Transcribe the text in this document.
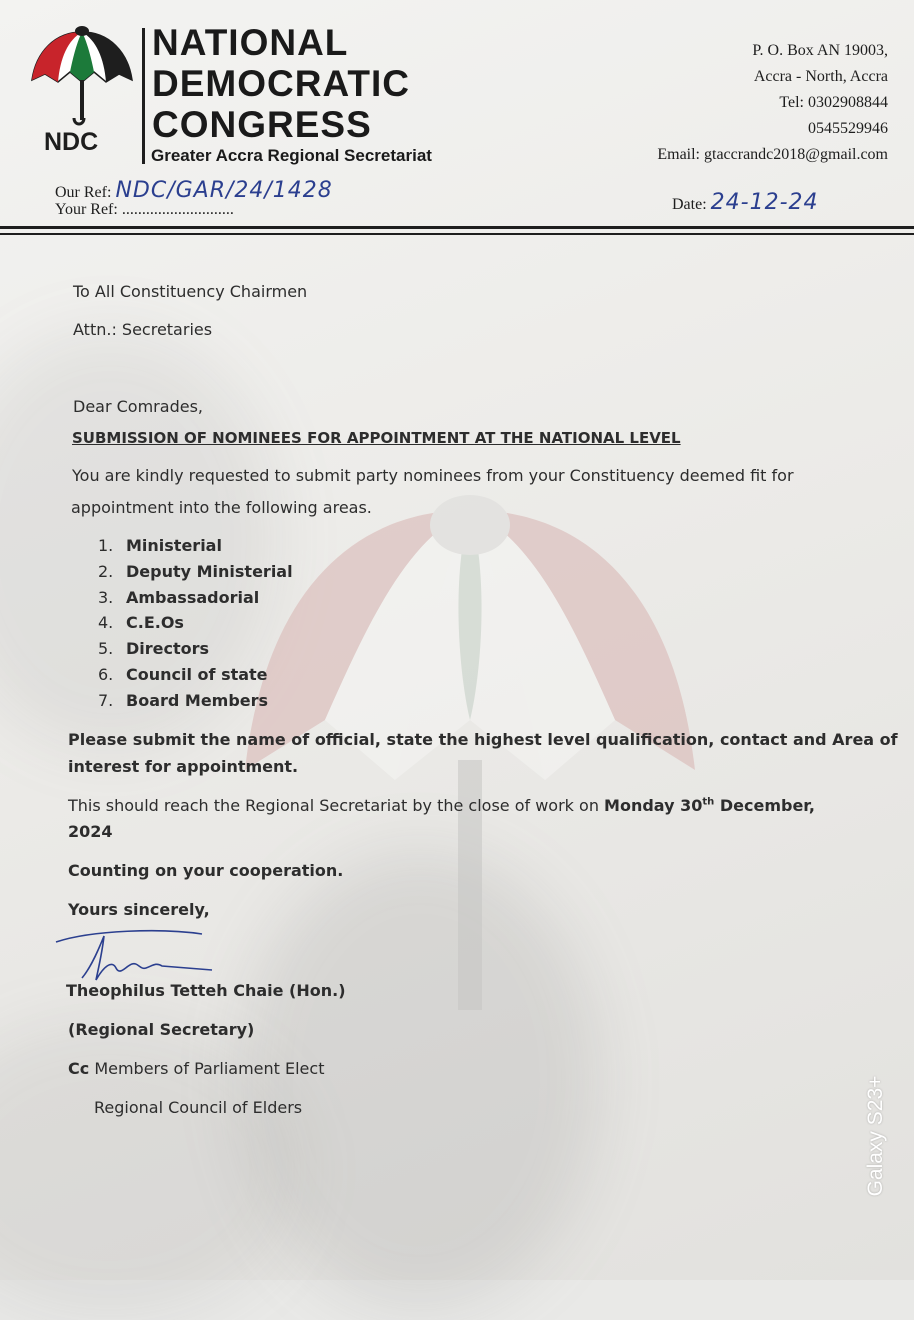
NDC
NATIONAL
DEMOCRATIC
CONGRESS
Greater Accra Regional Secretariat
P. O. Box AN 19003,
Accra - North, Accra
Tel: 0302908844
0545529946
Email: gtaccrandc2018@gmail.com
Our Ref: NDC/GAR/24/1428
Your Ref: ............................	Date: 24-12-24
To All Constituency Chairmen
Attn.: Secretaries
Dear Comrades,
SUBMISSION OF NOMINEES FOR APPOINTMENT AT THE NATIONAL LEVEL
You are kindly requested to submit party nominees from your Constituency deemed fit for
appointment into the following areas.
1. Ministerial
2. Deputy Ministerial
3. Ambassadorial
4. C.E.Os
5. Directors
6. Council of state
7. Board Members
Please submit the name of official, state the highest level qualification, contact and Area of
interest for appointment.
This should reach the Regional Secretariat by the close of work on Monday 30th December,
2024
Counting on your cooperation.
Yours sincerely,
Theophilus Tetteh Chaie (Hon.)
(Regional Secretary)
Cc Members of Parliament Elect
Regional Council of Elders	Galaxy S23+
